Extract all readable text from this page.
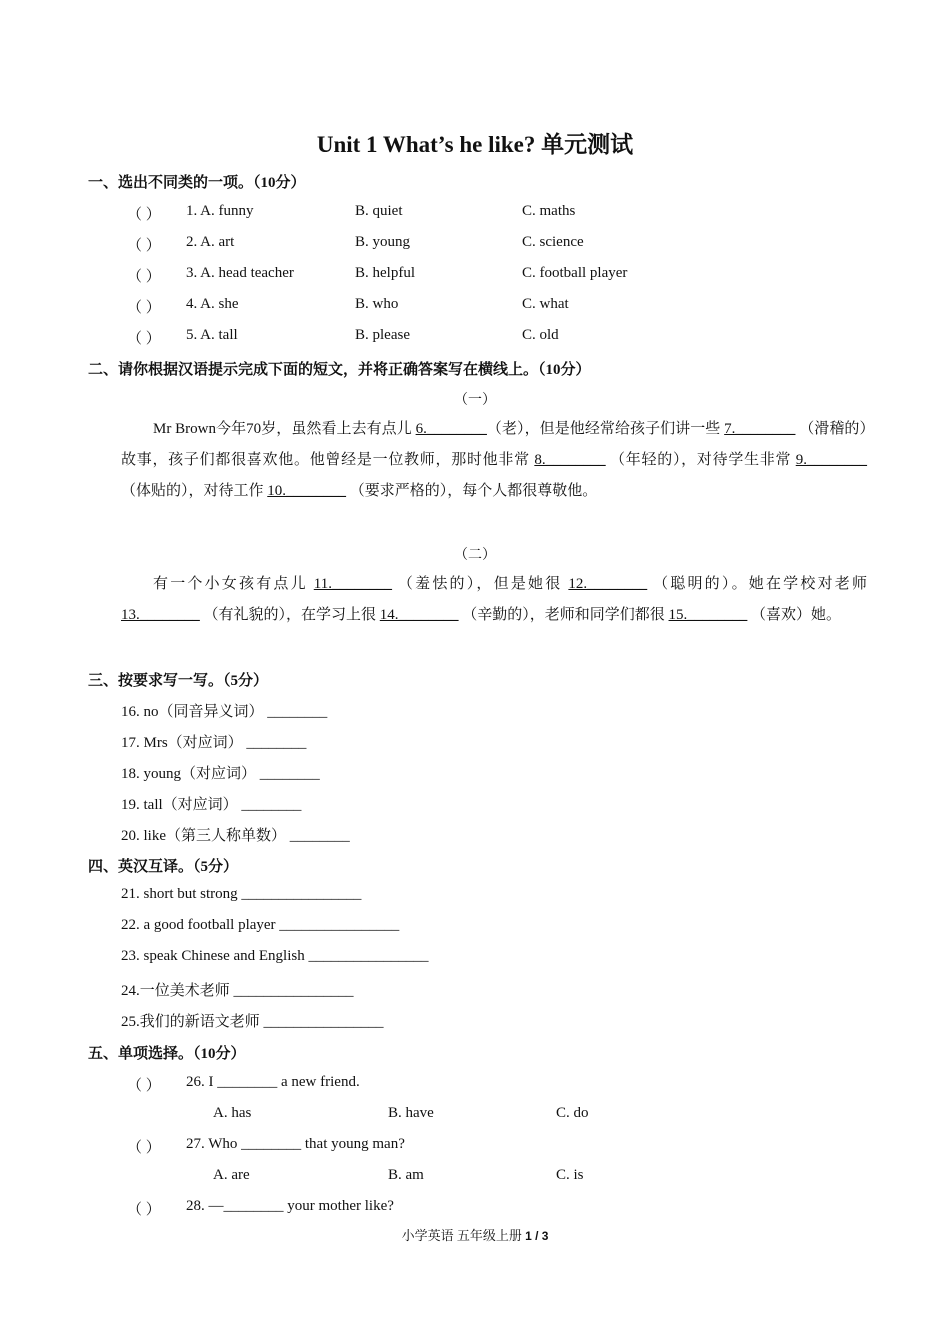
Unit 1 What’s he like? 单元测试
一、选出不同类的一项。（10分）
（ ） 1. A. funny	B. quiet	C. maths
（ ） 2. A. art	B. young	C. science
（ ） 3. A. head teacher	B. helpful	C. football player
（ ） 4. A. she	B. who	C. what
（ ） 5. A. tall	B. please	C. old
二、请你根据汉语提示完成下面的短文，并将正确答案写在横线上。（10分）
（一）
Mr Brown今年70岁，虽然看上去有点儿 6.________（老），但是他经常给孩子们讲一些 7.________ （滑稽的）故事，孩子们都很喜欢他。他曾经是一位教师，那时他非常 8.________ （年轻的），对待学生非常 9.________ （体贴的），对待工作 10.________ （要求严格的），每个人都很尊敬他。
（二）
有一个小女孩有点儿 11.________ （羞怯的），但是她很 12.________ （聪明的）。她在学校对老师 13.________ （有礼貌的），在学习上很 14.________ （辛勤的），老师和同学们都很 15.________ （喜欢）她。
三、按要求写一写。（5分）
16. no（同音异义词） ________
17. Mrs（对应词） ________
18. young（对应词） ________
19. tall（对应词） ________
20. like（第三人称单数） ________
四、英汉互译。（5分）
21. short but strong ________________
22. a good football player ________________
23. speak Chinese and English ________________
24.一位美术老师 ________________
25.我们的新语文老师 ________________
五、单项选择。（10分）
（ ） 26. I ________ a new friend.
A. has	B. have	C. do
（ ） 27. Who ________ that young man?
A. are	B. am	C. is
（ ） 28. —________ your mother like?
小学英语 五年级上册 1 / 3
